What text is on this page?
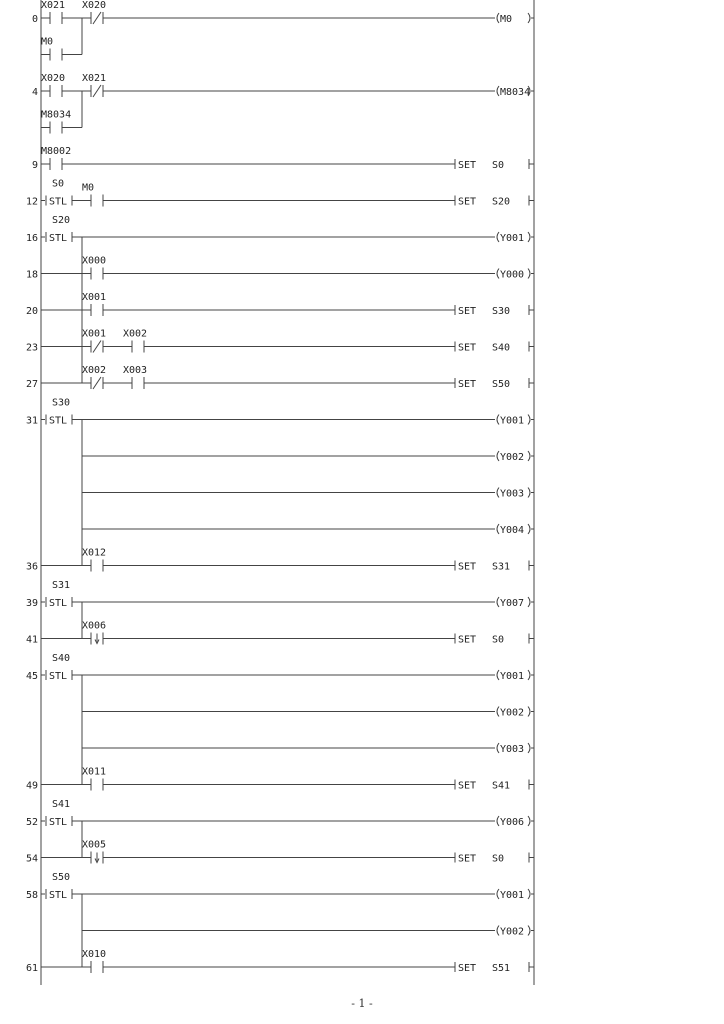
0
X021 X020
M0
M0
4
X020 X021
M8034
M8034
9
M8002
SET S0
12
S0
STL
M0
SET S20
16
S20
STL	Y001
18
X000
Y000
20
X001
SET S30
23
X001 X002
SET S40
27
X002 X003
SET S50
31
S30
STL	Y001
Y002
Y003
Y004
36
X012
SET S31
39
S31
STL	Y007
41
X006
SET S0
45
S40
STL	Y001
Y002
Y003
49
X011
SET S41
52
S41
STL	Y006
54
X005
SET S0
58
S50
STL	Y001
Y002
61
X010
SET S51
- 1 -
